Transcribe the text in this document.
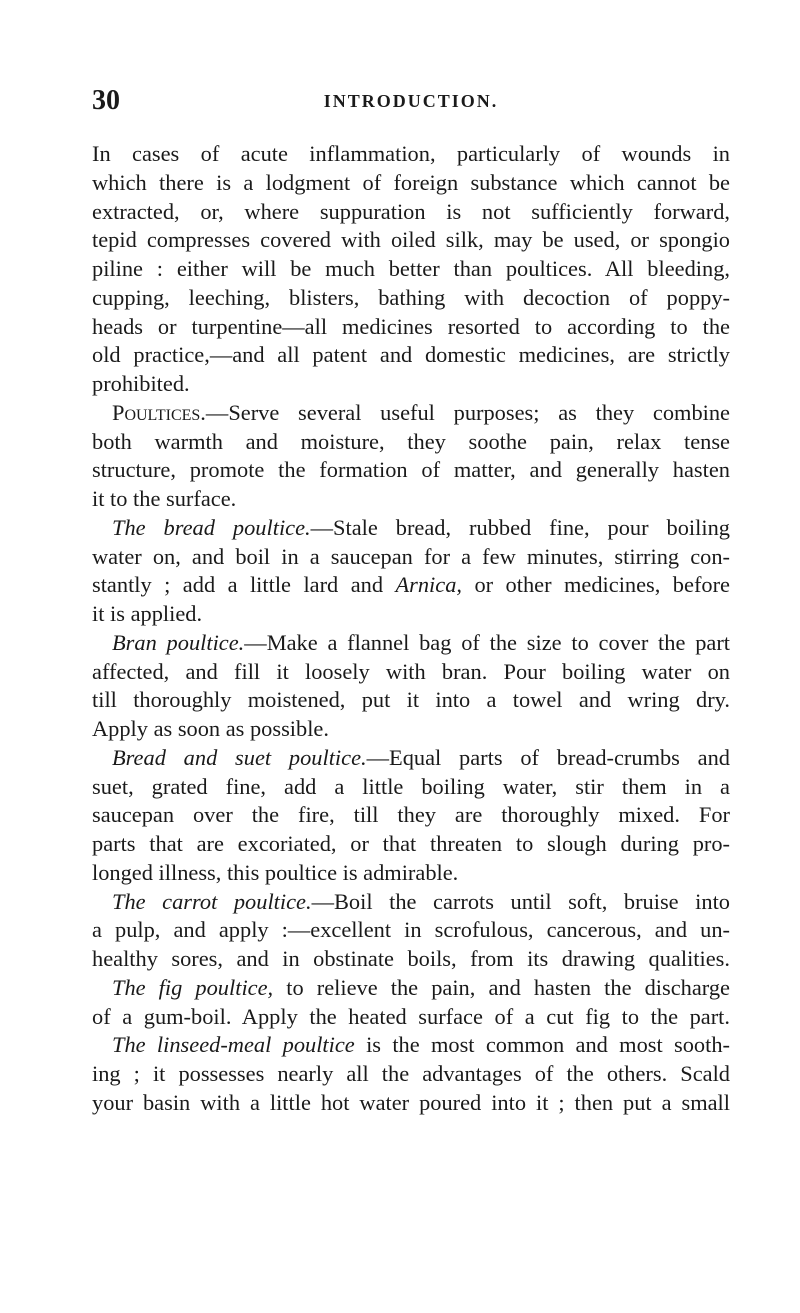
30	INTRODUCTION.
In cases of acute inflammation, particularly of wounds in
which there is a lodgment of foreign substance which cannot be
extracted, or, where suppuration is not sufficiently forward,
tepid compresses covered with oiled silk, may be used, or spongio
piline : either will be much better than poultices. All bleeding,
cupping, leeching, blisters, bathing with decoction of poppy-
heads or turpentine—all medicines resorted to according to the
old practice,—and all patent and domestic medicines, are strictly
prohibited.
Poultices.—Serve several useful purposes; as they combine
both warmth and moisture, they soothe pain, relax tense
structure, promote the formation of matter, and generally hasten
it to the surface.
The bread poultice.—Stale bread, rubbed fine, pour boiling
water on, and boil in a saucepan for a few minutes, stirring con-
stantly ; add a little lard and Arnica, or other medicines, before
it is applied.
Bran poultice.—Make a flannel bag of the size to cover the part
affected, and fill it loosely with bran. Pour boiling water on
till thoroughly moistened, put it into a towel and wring dry.
Apply as soon as possible.
Bread and suet poultice.—Equal parts of bread-crumbs and
suet, grated fine, add a little boiling water, stir them in a
saucepan over the fire, till they are thoroughly mixed. For
parts that are excoriated, or that threaten to slough during pro-
longed illness, this poultice is admirable.
The carrot poultice.—Boil the carrots until soft, bruise into
a pulp, and apply :—excellent in scrofulous, cancerous, and un-
healthy sores, and in obstinate boils, from its drawing qualities.
The fig poultice, to relieve the pain, and hasten the discharge
of a gum-boil. Apply the heated surface of a cut fig to the part.
The linseed-meal poultice is the most common and most sooth-
ing ; it possesses nearly all the advantages of the others. Scald
your basin with a little hot water poured into it ; then put a small
